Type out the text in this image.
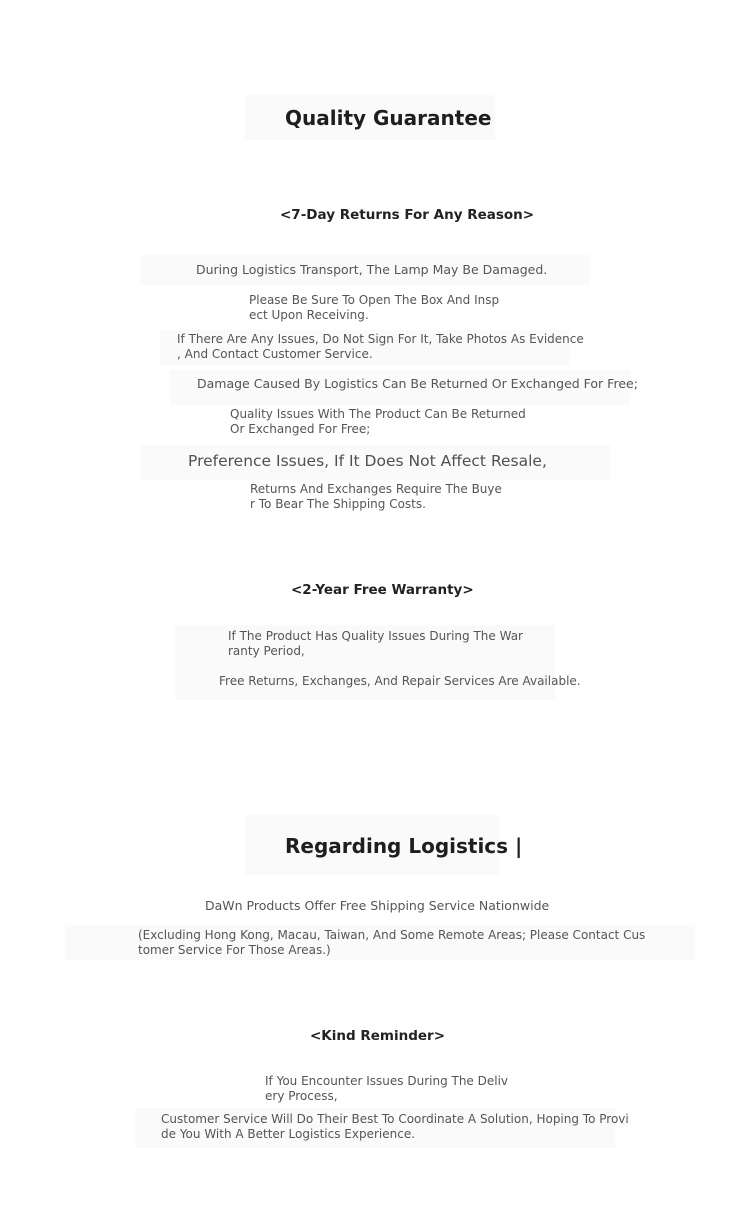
Quality Guarantee
<7-Day Returns For Any Reason>

During Logistics Transport, The Lamp May Be Damaged.

Please Be Sure To Open The Box And Insp
ect Upon Receiving.

If There Are Any Issues, Do Not Sign For It, Take Photos As Evidence
, And Contact Customer Service.

Damage Caused By Logistics Can Be Returned Or Exchanged For Free;

Quality Issues With The Product Can Be Returned
Or Exchanged For Free;

Preference Issues, If It Does Not Affect Resale,

Returns And Exchanges Require The Buye
r To Bear The Shipping Costs.

<2-Year Free Warranty>

If The Product Has Quality Issues During The War
ranty Period,

Free Returns, Exchanges, And Repair Services Are Available.

Regarding Logistics |

DaWn Products Offer Free Shipping Service Nationwide

(Excluding Hong Kong, Macau, Taiwan, And Some Remote Areas; Please Contact Cus
tomer Service For Those Areas.)

<Kind Reminder>

If You Encounter Issues During The Deliv
ery Process,

Customer Service Will Do Their Best To Coordinate A Solution, Hoping To Provi
de You With A Better Logistics Experience.
